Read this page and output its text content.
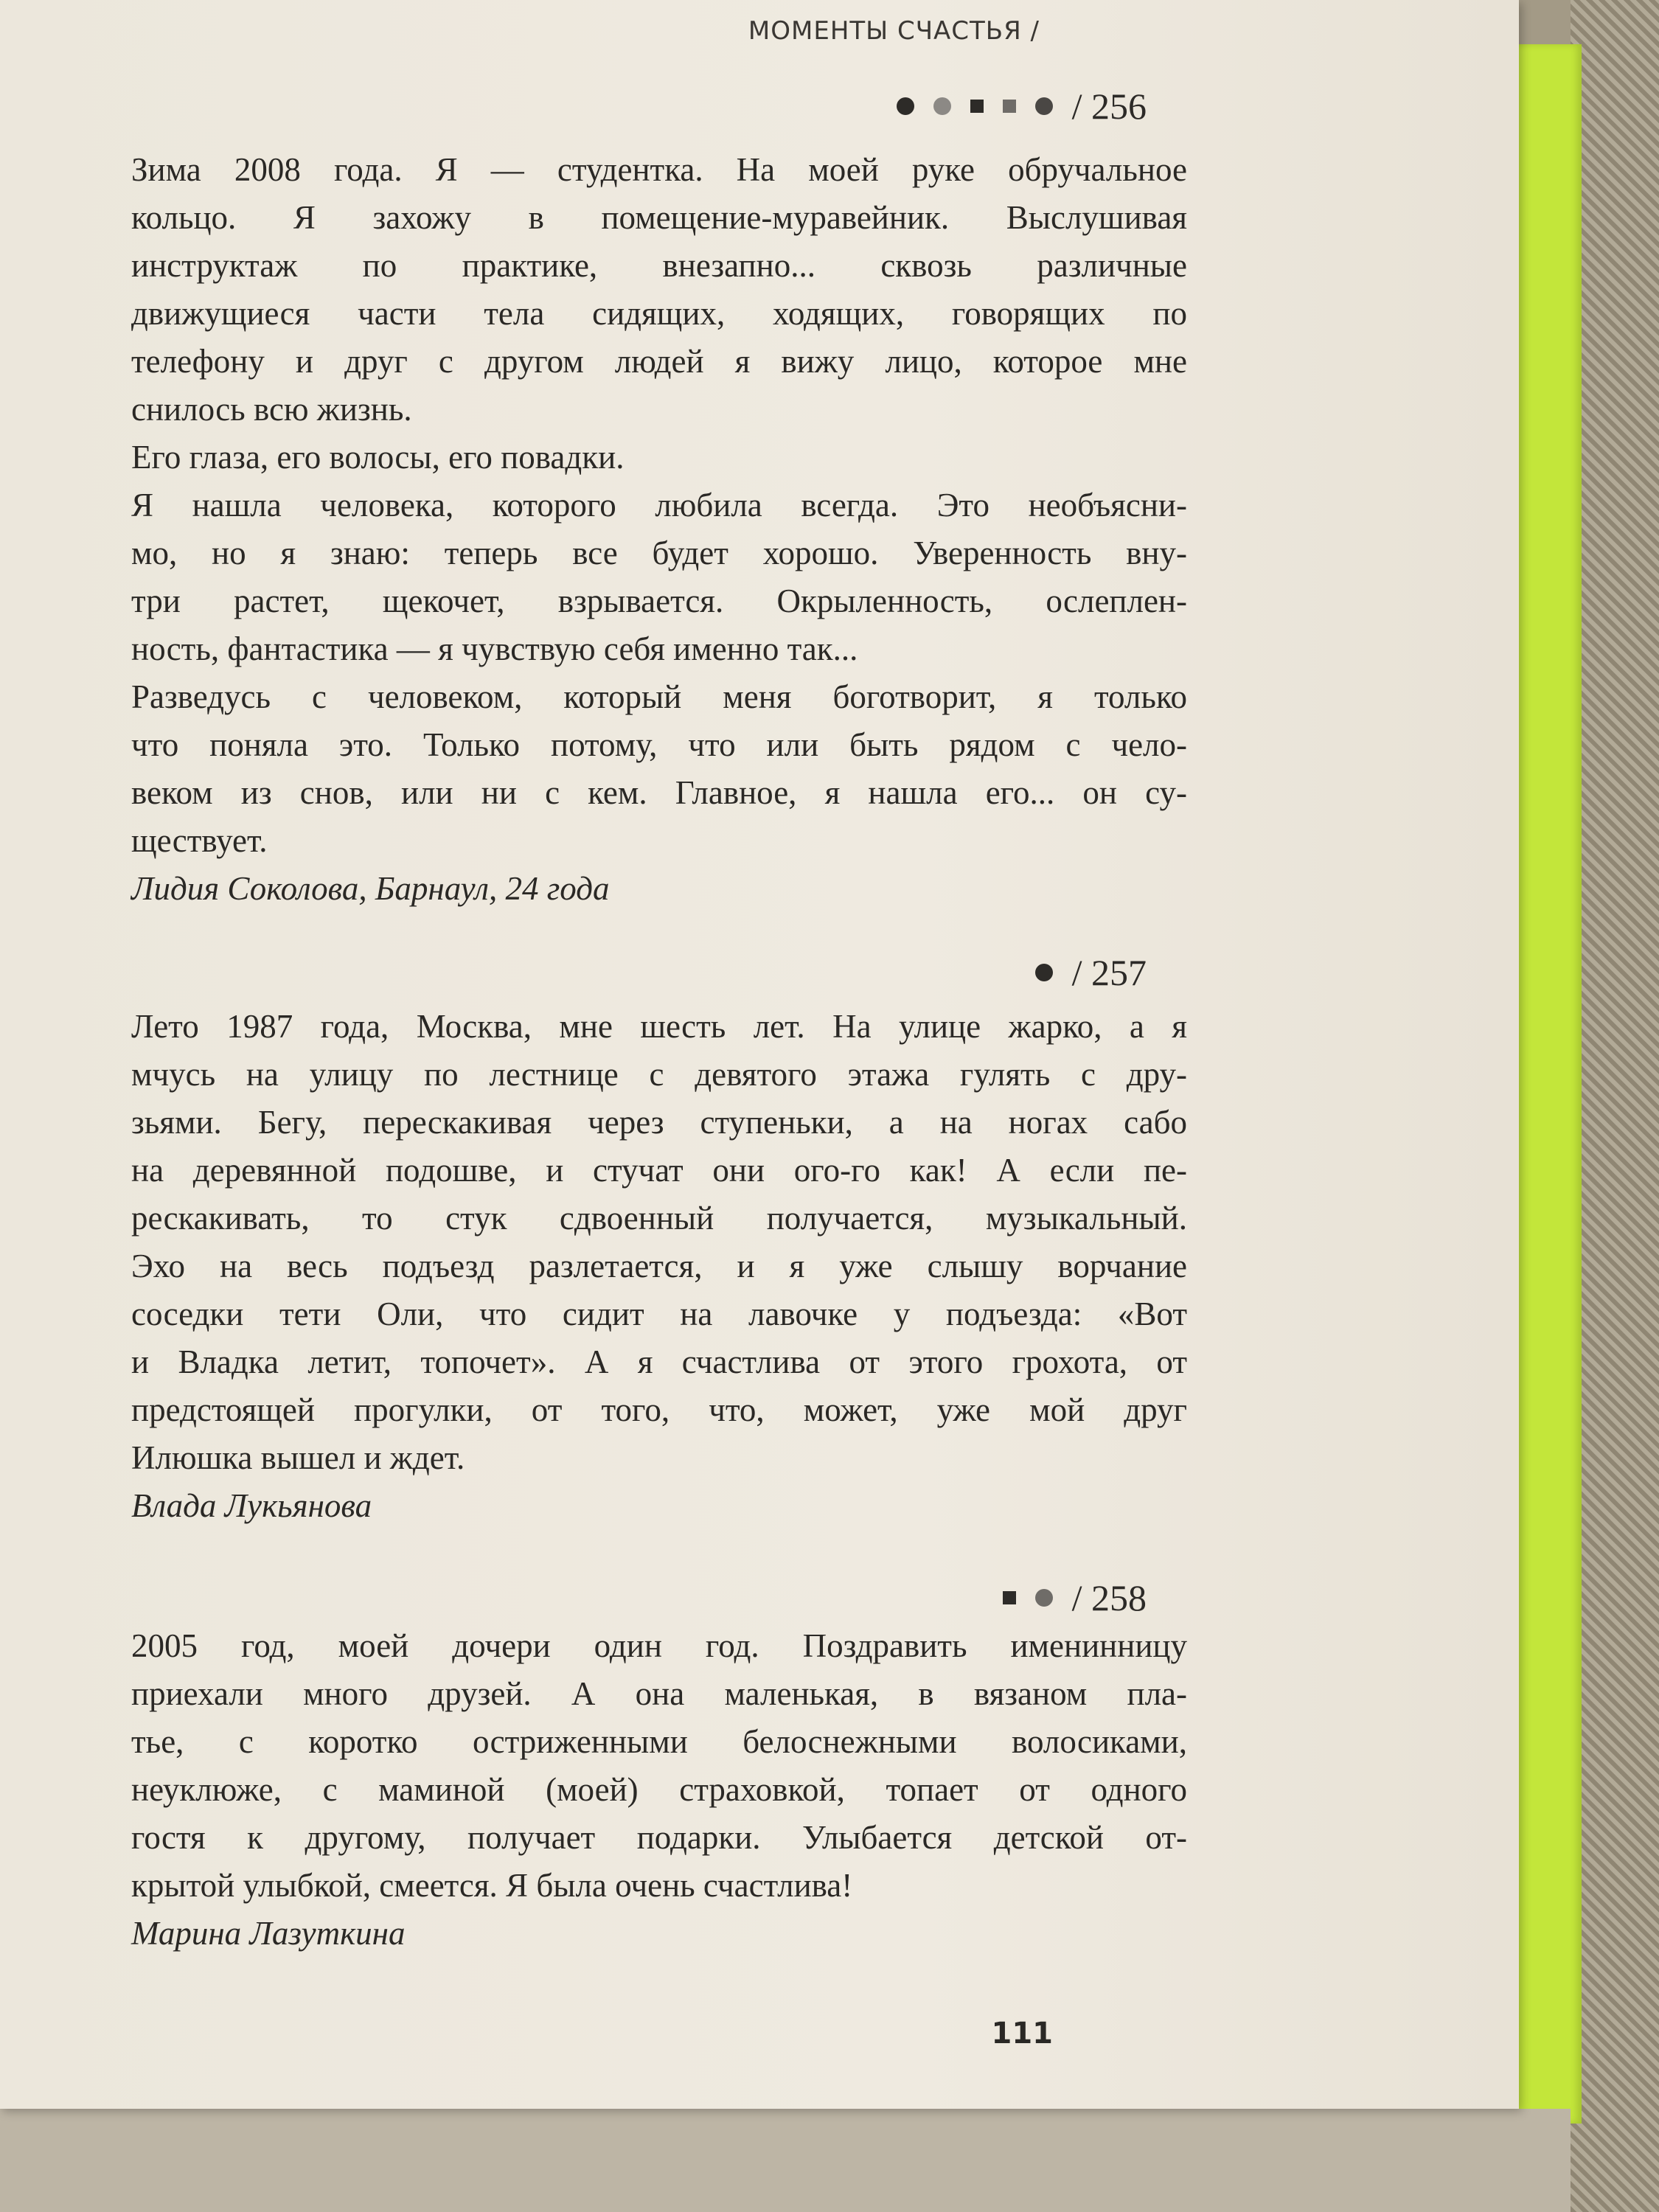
МОМЕНТЫ СЧАСТЬЯ /
/ 256
Зима 2008 года. Я — студентка. На моей руке обручальное
кольцо. Я захожу в помещение-муравейник. Выслушивая
инструктаж по практике, внезапно... сквозь различные
движущиеся части тела сидящих, ходящих, говорящих по
телефону и друг с другом людей я вижу лицо, которое мне
снилось всю жизнь.
Его глаза, его волосы, его повадки.
Я нашла человека, которого любила всегда. Это необъясни-
мо, но я знаю: теперь все будет хорошо. Уверенность вну-
три растет, щекочет, взрывается. Окрыленность, ослеплен-
ность, фантастика — я чувствую себя именно так...
Разведусь с человеком, который меня боготворит, я только
что поняла это. Только потому, что или быть рядом с чело-
веком из снов, или ни с кем. Главное, я нашла его... он су-
ществует.
Лидия Соколова, Барнаул, 24 года
/ 257
Лето 1987 года, Москва, мне шесть лет. На улице жарко, а я
мчусь на улицу по лестнице с девятого этажа гулять с дру-
зьями. Бегу, перескакивая через ступеньки, а на ногах сабо
на деревянной подошве, и стучат они ого-го как! А если пе-
рескакивать, то стук сдвоенный получается, музыкальный.
Эхо на весь подъезд разлетается, и я уже слышу ворчание
соседки тети Оли, что сидит на лавочке у подъезда: «Вот
и Владка летит, топочет». А я счастлива от этого грохота, от
предстоящей прогулки, от того, что, может, уже мой друг
Илюшка вышел и ждет.
Влада Лукьянова
/ 258
2005 год, моей дочери один год. Поздравить именинницу
приехали много друзей. А она маленькая, в вязаном пла-
тье, с коротко остриженными белоснежными волосиками,
неуклюже, с маминой (моей) страховкой, топает от одного
гостя к другому, получает подарки. Улыбается детской от-
крытой улыбкой, смеется. Я была очень счастлива!
Марина Лазуткина
111
